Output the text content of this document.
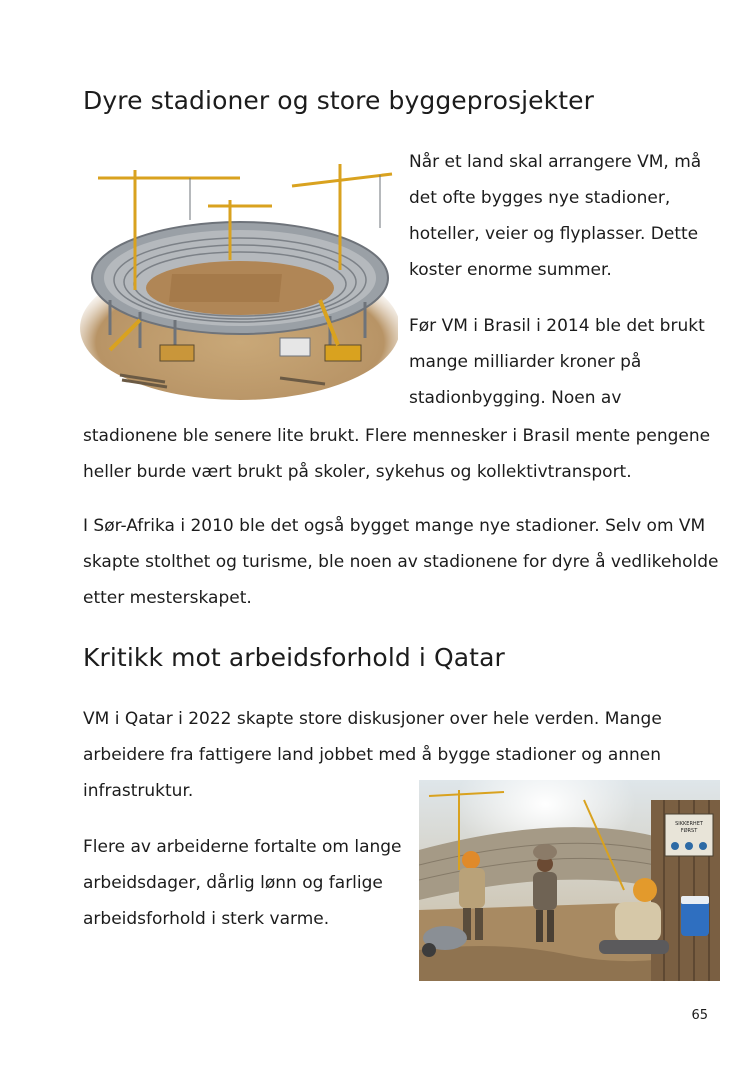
Dyre stadioner og store byggeprosjekter

Når et land skal arrangere VM, må
det ofte bygges nye stadioner,
hoteller, veier og flyplasser. Dette
koster enorme summer.

Før VM i Brasil i 2014 ble det brukt
mange milliarder kroner på
stadionbygging. Noen av

stadionene ble senere lite brukt. Flere mennesker i Brasil mente pengene
heller burde vært brukt på skoler, sykehus og kollektivtransport.

I Sør-Afrika i 2010 ble det også bygget mange nye stadioner. Selv om VM
skapte stolthet og turisme, ble noen av stadionene for dyre å vedlikeholde
etter mesterskapet.

Kritikk mot arbeidsforhold i Qatar

VM i Qatar i 2022 skapte store diskusjoner over hele verden. Mange
arbeidere fra fattigere land jobbet med å bygge stadioner og annen
infrastruktur.

Flere av arbeiderne fortalte om lange
arbeidsdager, dårlig lønn og farlige
arbeidsforhold i sterk varme.

SIKKERHET
FØRST
65
